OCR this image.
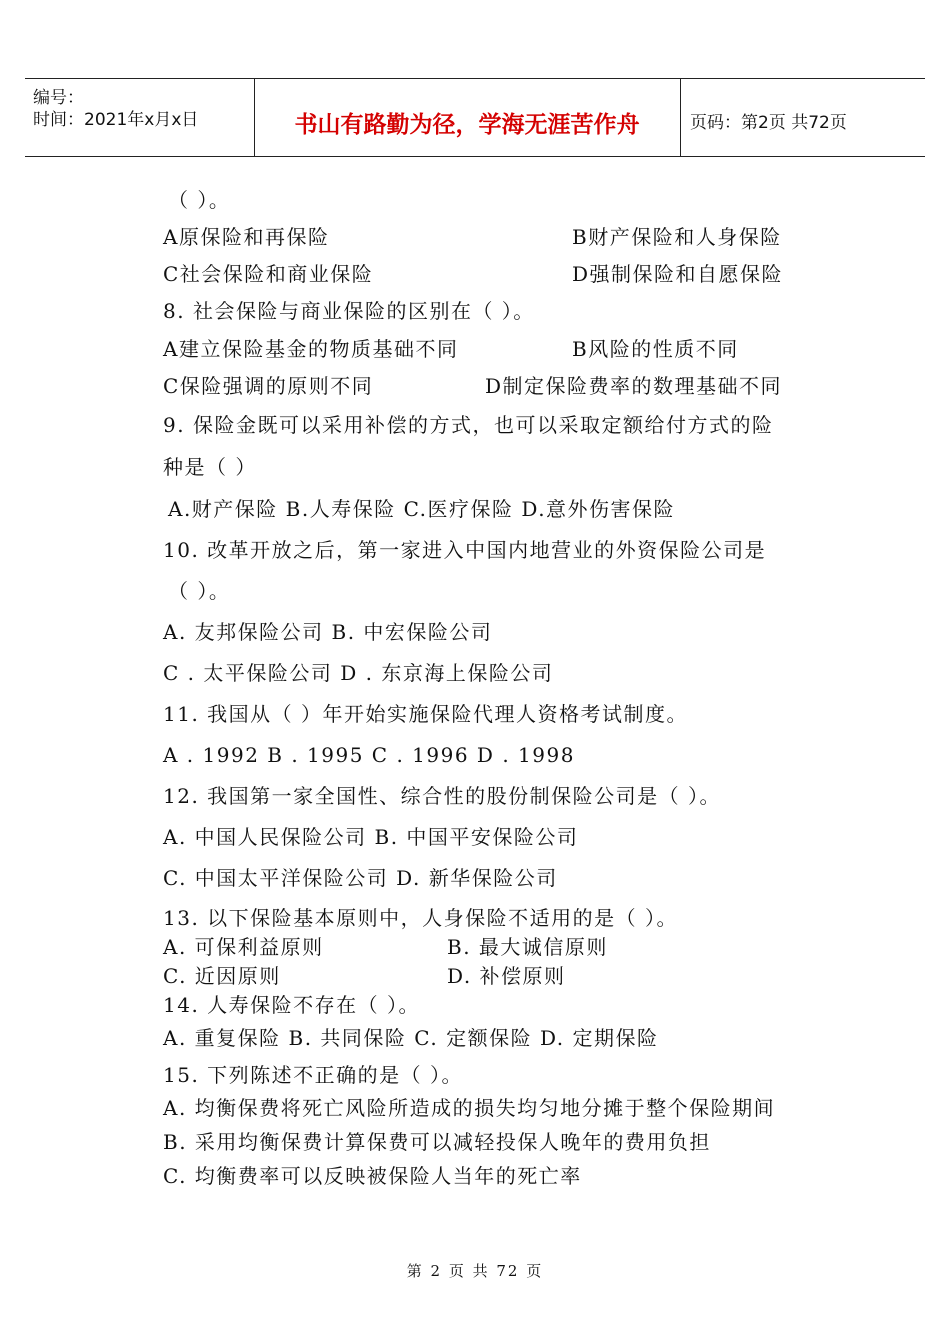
编号：
时间：2021年x月x日	书山有路勤为径，学海无涯苦作舟	页码：第2页 共72页
（ ）。
A原保险和再保险	B财产保险和人身保险
C社会保险和商业保险	D强制保险和自愿保险
8. 社会保险与商业保险的区别在（ ）。
A建立保险基金的物质基础不同	B风险的性质不同
C保险强调的原则不同	D制定保险费率的数理基础不同
9. 保险金既可以采用补偿的方式，也可以采取定额给付方式的险
种是（ ）
A.财产保险 B.人寿保险 C.医疗保险 D.意外伤害保险
10. 改革开放之后，第一家进入中国内地营业的外资保险公司是
（ ）。
A. 友邦保险公司 B. 中宏保险公司
C . 太平保险公司 D . 东京海上保险公司
11. 我国从（ ）年开始实施保险代理人资格考试制度。
A . 1992 B . 1995 C . 1996 D . 1998
12. 我国第一家全国性、综合性的股份制保险公司是（ ）。
A. 中国人民保险公司 B. 中国平安保险公司
C. 中国太平洋保险公司 D. 新华保险公司
13. 以下保险基本原则中，人身保险不适用的是（ ）。
A. 可保利益原则	B. 最大诚信原则
C. 近因原则	D. 补偿原则
14. 人寿保险不存在（ ）。
A. 重复保险 B. 共同保险 C. 定额保险 D. 定期保险
15. 下列陈述不正确的是（ ）。
A. 均衡保费将死亡风险所造成的损失均匀地分摊于整个保险期间
B. 采用均衡保费计算保费可以减轻投保人晚年的费用负担
C. 均衡费率可以反映被保险人当年的死亡率
第 2 页 共 72 页
